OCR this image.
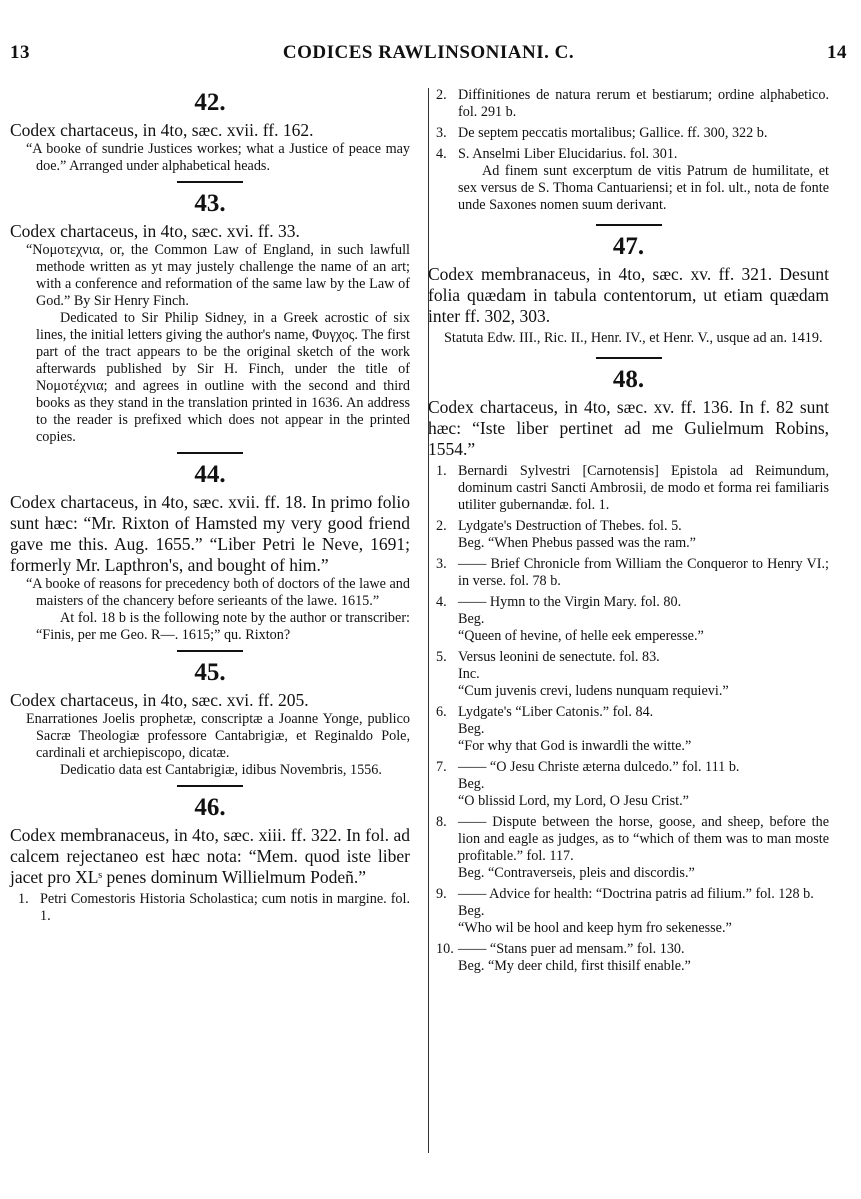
13	CODICES RAWLINSONIANI. C.	14
42.
Codex chartaceus, in 4to, sæc. xvii. ff. 162.
“A booke of sundrie Justices workes; what a Justice of peace may doe.” Arranged under alphabetical heads.
43.
Codex chartaceus, in 4to, sæc. xvi. ff. 33.
“Νομοτεχνια, or, the Common Law of England, in such lawfull methode written as yt may justely challenge the name of an art; with a conference and reformation of the same law by the Law of God.” By Sir Henry Finch.
Dedicated to Sir Philip Sidney, in a Greek acrostic of six lines, the initial letters giving the author's name, Φυγχος. The first part of the tract appears to be the original sketch of the work afterwards published by Sir H. Finch, under the title of Νομοτέχνια; and agrees in outline with the second and third books as they stand in the translation printed in 1636. An address to the reader is prefixed which does not appear in the printed copies.
44.
Codex chartaceus, in 4to, sæc. xvii. ff. 18. In primo folio sunt hæc: “Mr. Rixton of Hamsted my very good friend gave me this. Aug. 1655.” “Liber Petri le Neve, 1691; formerly Mr. Lapthron's, and bought of him.”
“A booke of reasons for precedency both of doctors of the lawe and maisters of the chancery before serieants of the lawe. 1615.”
At fol. 18 b is the following note by the author or transcriber: “Finis, per me Geo. R—. 1615;” qu. Rixton?
45.
Codex chartaceus, in 4to, sæc. xvi. ff. 205.
Enarrationes Joelis prophetæ, conscriptæ a Joanne Yonge, publico Sacræ Theologiæ professore Cantabrigiæ, et Reginaldo Pole, cardinali et archiepiscopo, dicatæ.
Dedicatio data est Cantabrigiæ, idibus Novembris, 1556.
46.
Codex membranaceus, in 4to, sæc. xiii. ff. 322. In fol. ad calcem rejectaneo est hæc nota: “Mem. quod iste liber jacet pro XLˢ penes dominum Willielmum Podeñ.”
1. Petri Comestoris Historia Scholastica; cum notis in margine. fol. 1.
2. Diffinitiones de natura rerum et bestiarum; ordine alphabetico. fol. 291 b.
3. De septem peccatis mortalibus; Gallice. ff. 300, 322 b.
4. S. Anselmi Liber Elucidarius. fol. 301.
Ad finem sunt excerptum de vitis Patrum de humilitate, et sex versus de S. Thoma Cantuariensi; et in fol. ult., nota de fonte unde Saxones nomen suum derivant.
47.
Codex membranaceus, in 4to, sæc. xv. ff. 321. Desunt folia quædam in tabula contentorum, ut etiam quædam inter ff. 302, 303.
Statuta Edw. III., Ric. II., Henr. IV., et Henr. V., usque ad an. 1419.
48.
Codex chartaceus, in 4to, sæc. xv. ff. 136. In f. 82 sunt hæc: “Iste liber pertinet ad me Gulielmum Robins, 1554.”
1. Bernardi Sylvestri [Carnotensis] Epistola ad Reimundum, dominum castri Sancti Ambrosii, de modo et forma rei familiaris utiliter gubernandæ. fol. 1.
2. Lydgate's Destruction of Thebes. fol. 5.
Beg. “When Phebus passed was the ram.”
3. —— Brief Chronicle from William the Conqueror to Henry VI.; in verse. fol. 78 b.
4. —— Hymn to the Virgin Mary. fol. 80.
Beg.
“Queen of hevine, of helle eek emperesse.”
5. Versus leonini de senectute. fol. 83.
Inc.
“Cum juvenis crevi, ludens nunquam requievi.”
6. Lydgate's “Liber Catonis.” fol. 84.
Beg.
“For why that God is inwardli the witte.”
7. —— “O Jesu Christe æterna dulcedo.” fol. 111 b.
Beg.
“O blissid Lord, my Lord, O Jesu Crist.”
8. —— Dispute between the horse, goose, and sheep, before the lion and eagle as judges, as to “which of them was to man moste profitable.” fol. 117.
Beg. “Contraverseis, pleis and discordis.”
9. —— Advice for health: “Doctrina patris ad filium.” fol. 128 b.
Beg.
“Who wil be hool and keep hym fro sekenesse.”
10. —— “Stans puer ad mensam.” fol. 130.
Beg. “My deer child, first thisilf enable.”
